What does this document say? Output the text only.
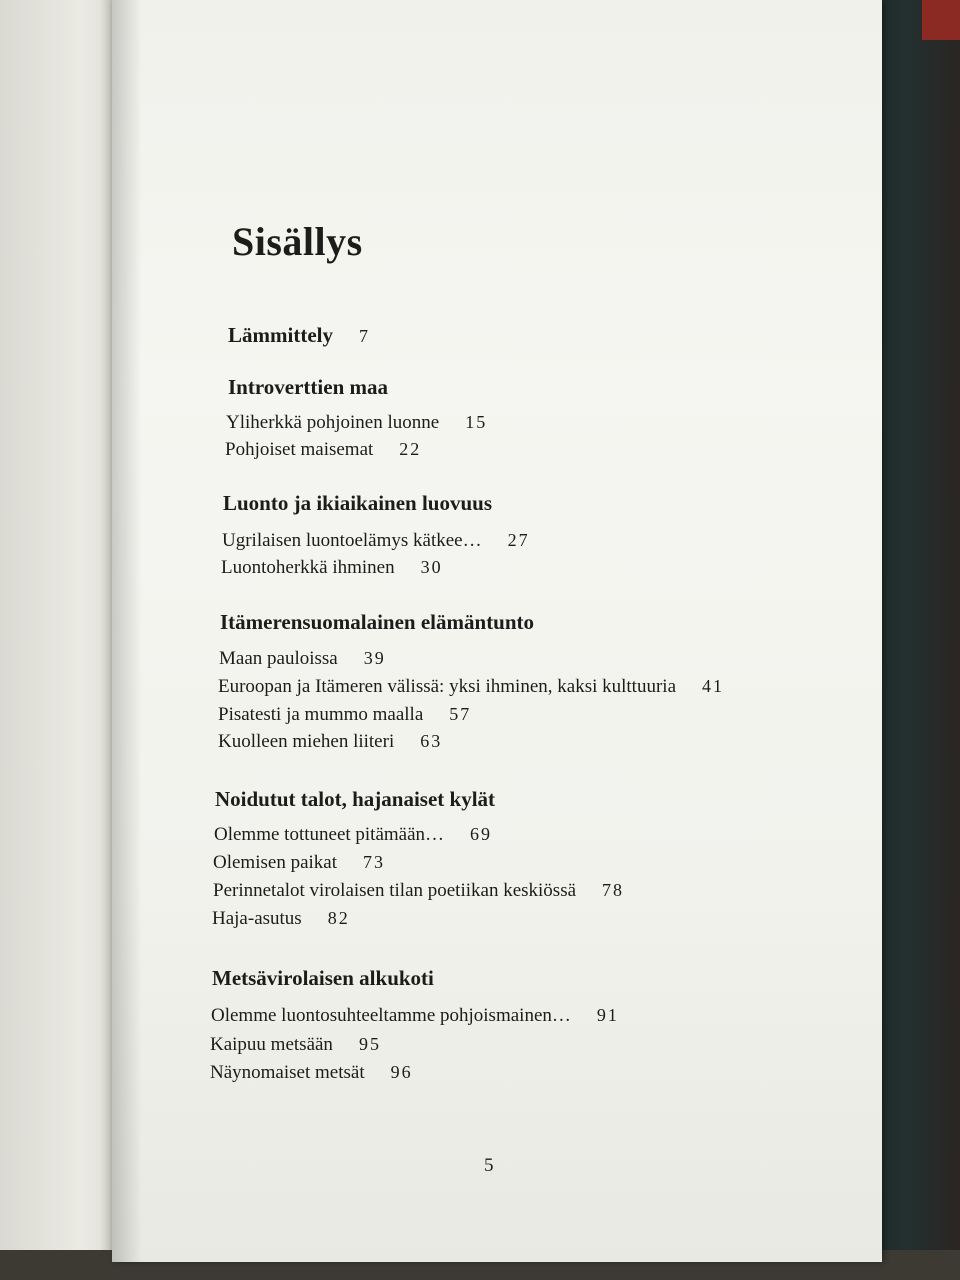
Sisällys
Lämmittely 7
Introverttien maa
Yliherkkä pohjoinen luonne 15
Pohjoiset maisemat 22
Luonto ja ikiaikainen luovuus
Ugrilaisen luontoelämys kätkee… 27
Luontoherkkä ihminen 30
Itämerensuomalainen elämäntunto
Maan pauloissa 39
Euroopan ja Itämeren välissä: yksi ihminen, kaksi kulttuuria 41
Pisatesti ja mummo maalla 57
Kuolleen miehen liiteri 63
Noidutut talot, hajanaiset kylät
Olemme tottuneet pitämään… 69
Olemisen paikat 73
Perinnetalot virolaisen tilan poetiikan keskiössä 78
Haja-asutus 82
Metsävirolaisen alkukoti
Olemme luontosuhteeltamme pohjoismainen… 91
Kaipuu metsään 95
Näynomaiset metsät 96
5
